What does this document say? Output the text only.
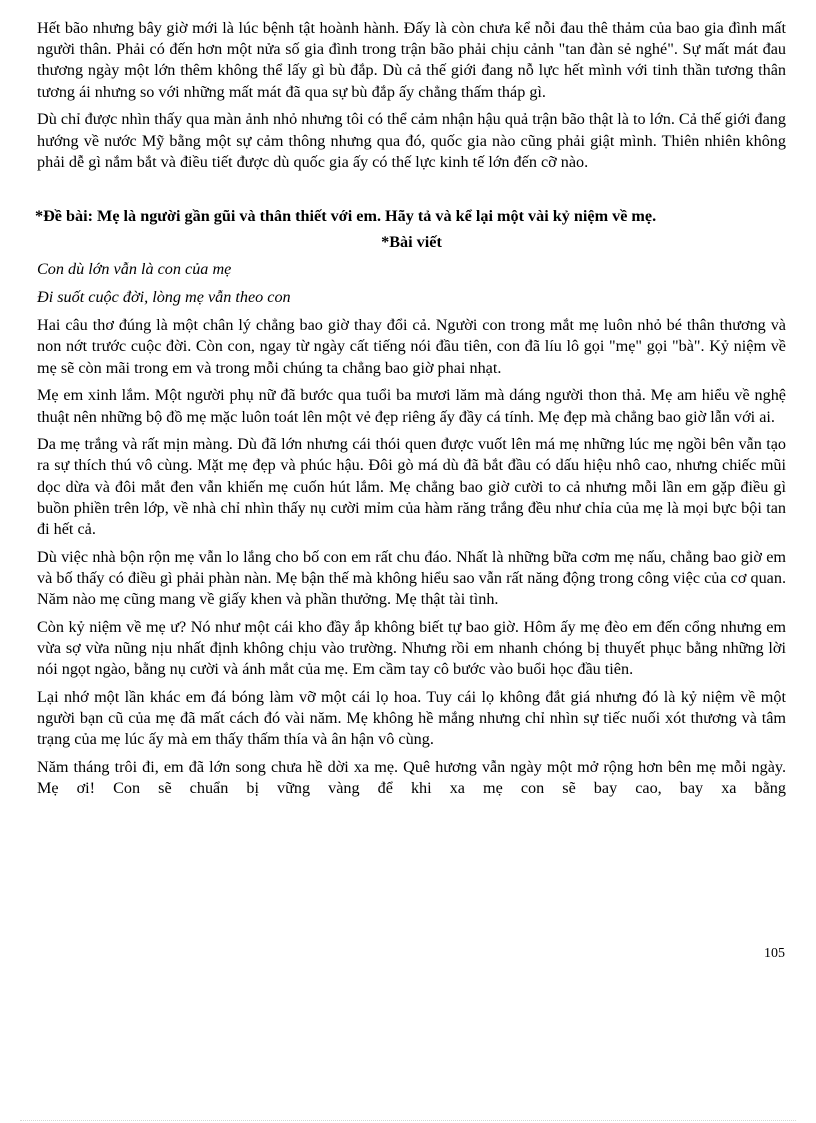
Hết bão nhưng bây giờ mới là lúc bệnh tật hoành hành. Đấy là còn chưa kể nỗi đau thê thảm của bao gia đình mất người thân. Phải có đến hơn một nửa số gia đình trong trận bão phải chịu cảnh "tan đàn sẻ nghé". Sự mất mát đau thương ngày một lớn thêm không thể lấy gì bù đắp. Dù cả thế giới đang nỗ lực hết mình với tinh thần tương thân tương ái nhưng so với những mất mát đã qua sự bù đắp ấy chẳng thấm tháp gì.

Dù chỉ được nhìn thấy qua màn ảnh nhỏ nhưng tôi có thể cảm nhận hậu quả trận bão thật là to lớn. Cả thế giới đang hướng về nước Mỹ bằng một sự cảm thông nhưng qua đó, quốc gia nào cũng phải giật mình. Thiên nhiên không phải dễ gì nắm bắt và điều tiết được dù quốc gia ấy có thế lực kinh tế lớn đến cỡ nào.

*Đề bài: Mẹ là người gần gũi và thân thiết với em. Hãy tả và kể lại một vài kỷ niệm về mẹ.

*Bài viết

Con dù lớn vẫn là con của mẹ

Đi suốt cuộc đời, lòng mẹ vẫn theo con

Hai câu thơ đúng là một chân lý chẳng bao giờ thay đổi cả. Người con trong mắt mẹ luôn nhỏ bé thân thương và non nớt trước cuộc đời. Còn con, ngay từ ngày cất tiếng nói đầu tiên, con đã líu lô gọi "mẹ" gọi "bà". Kỷ niệm về mẹ sẽ còn mãi trong em và trong mỗi chúng ta chẳng bao giờ phai nhạt.

Mẹ em xinh lắm. Một người phụ nữ đã bước qua tuổi ba mươi lăm mà dáng người thon thả. Mẹ am hiểu về nghệ thuật nên những bộ đồ mẹ mặc luôn toát lên một vẻ đẹp riêng ấy đầy cá tính. Mẹ đẹp mà chẳng bao giờ lẫn với ai.

Da mẹ trắng và rất mịn màng. Dù đã lớn nhưng cái thói quen được vuốt lên má mẹ những lúc mẹ ngồi bên vẫn tạo ra sự thích thú vô cùng. Mặt mẹ đẹp và phúc hậu. Đôi gò má dù đã bắt đầu có dấu hiệu nhô cao, nhưng chiếc mũi dọc dừa và đôi mắt đen vẫn khiến mẹ cuốn hút lắm. Mẹ chẳng bao giờ cười to cả nhưng mỗi lần em gặp điều gì buồn phiền trên lớp, về nhà chỉ nhìn thấy nụ cười mỉm của hàm răng trắng đều như chỉa của mẹ là mọi bực bội tan đi hết cả.

Dù việc nhà bộn rộn mẹ vẫn lo lắng cho bố con em rất chu đáo. Nhất là những bữa cơm mẹ nấu, chẳng bao giờ em và bố thấy có điều gì phải phàn nàn. Mẹ bận thế mà không hiểu sao vẫn rất năng động trong công việc của cơ quan. Năm nào mẹ cũng mang về giấy khen và phần thưởng. Mẹ thật tài tình.

Còn kỷ niệm về mẹ ư? Nó như một cái kho đầy ắp không biết tự bao giờ. Hôm ấy mẹ đèo em đến cổng nhưng em vừa sợ vừa nũng nịu nhất định không chịu vào trường. Nhưng rồi em nhanh chóng bị thuyết phục bằng những lời nói ngọt ngào, bằng nụ cười và ánh mắt của mẹ. Em cầm tay cô bước vào buổi học đầu tiên.

Lại nhớ một lần khác em đá bóng làm vỡ một cái lọ hoa. Tuy cái lọ không đắt giá nhưng đó là kỷ niệm về một người bạn cũ của mẹ đã mất cách đó vài năm. Mẹ không hề mắng nhưng chỉ nhìn sự tiếc nuối xót thương và tâm trạng của mẹ lúc ấy mà em thấy thấm thía và ân hận vô cùng.

Năm tháng trôi đi, em đã lớn song chưa hề dời xa mẹ. Quê hương vẫn ngày một mở rộng hơn bên mẹ mỗi ngày. Mẹ ơi! Con sẽ chuẩn bị vững vàng để khi xa mẹ con sẽ bay cao, bay xa bằng

105
